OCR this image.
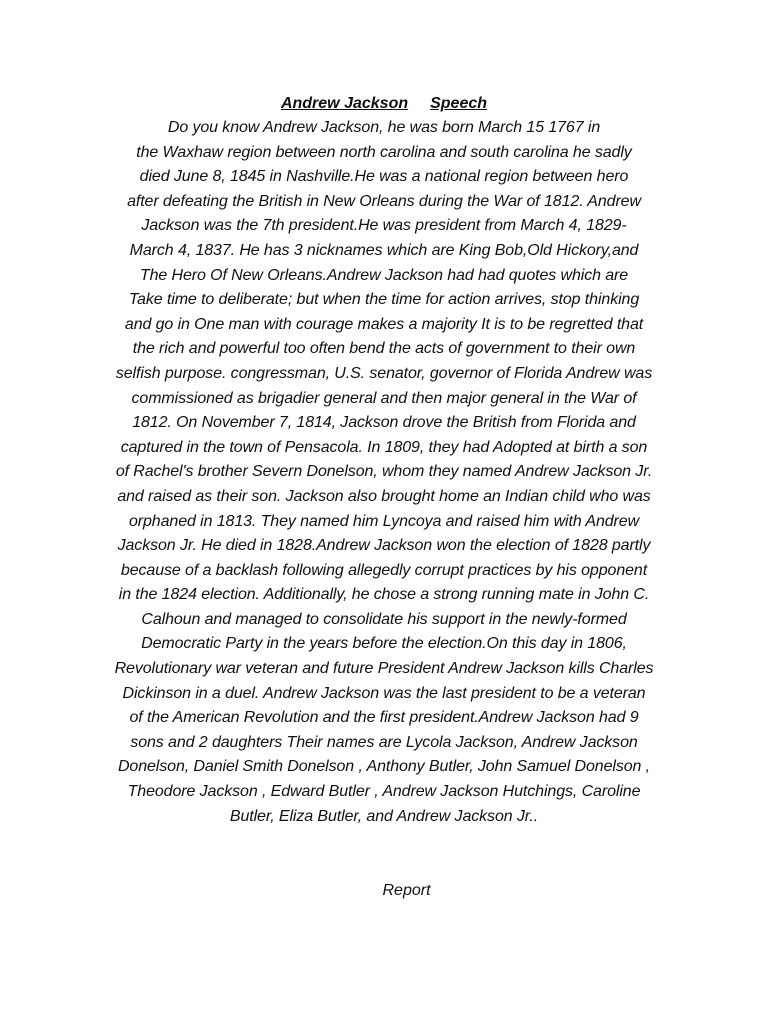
Andrew Jackson Speech
Do you know Andrew Jackson, he was born March 15 1767 in
the Waxhaw region between north carolina and south carolina he sadly
died June 8, 1845 in Nashville.He was a national region between hero
after defeating the British in New Orleans during the War of 1812. Andrew
Jackson was the 7th president.He was president from March 4, 1829-
March 4, 1837. He has 3 nicknames which are King Bob,Old Hickory,and
The Hero Of New Orleans.Andrew Jackson had had quotes which are
Take time to deliberate; but when the time for action arrives, stop thinking
and go in One man with courage makes a majority It is to be regretted that
the rich and powerful too often bend the acts of government to their own
selfish purpose. congressman, U.S. senator, governor of Florida Andrew was
commissioned as brigadier general and then major general in the War of
1812. On November 7, 1814, Jackson drove the British from Florida and
captured in the town of Pensacola. In 1809, they had Adopted at birth a son
of Rachel's brother Severn Donelson, whom they named Andrew Jackson Jr.
and raised as their son. Jackson also brought home an Indian child who was
orphaned in 1813. They named him Lyncoya and raised him with Andrew
Jackson Jr. He died in 1828.Andrew Jackson won the election of 1828 partly
because of a backlash following allegedly corrupt practices by his opponent
in the 1824 election. Additionally, he chose a strong running mate in John C.
Calhoun and managed to consolidate his support in the newly-formed
Democratic Party in the years before the election.On this day in 1806,
Revolutionary war veteran and future President Andrew Jackson kills Charles
Dickinson in a duel. Andrew Jackson was the last president to be a veteran
of the American Revolution and the first president.Andrew Jackson had 9
sons and 2 daughters Their names are Lycola Jackson, Andrew Jackson
Donelson, Daniel Smith Donelson , Anthony Butler, John Samuel Donelson ,
Theodore Jackson , Edward Butler , Andrew Jackson Hutchings, Caroline
Butler, Eliza Butler, and Andrew Jackson Jr..
Report
